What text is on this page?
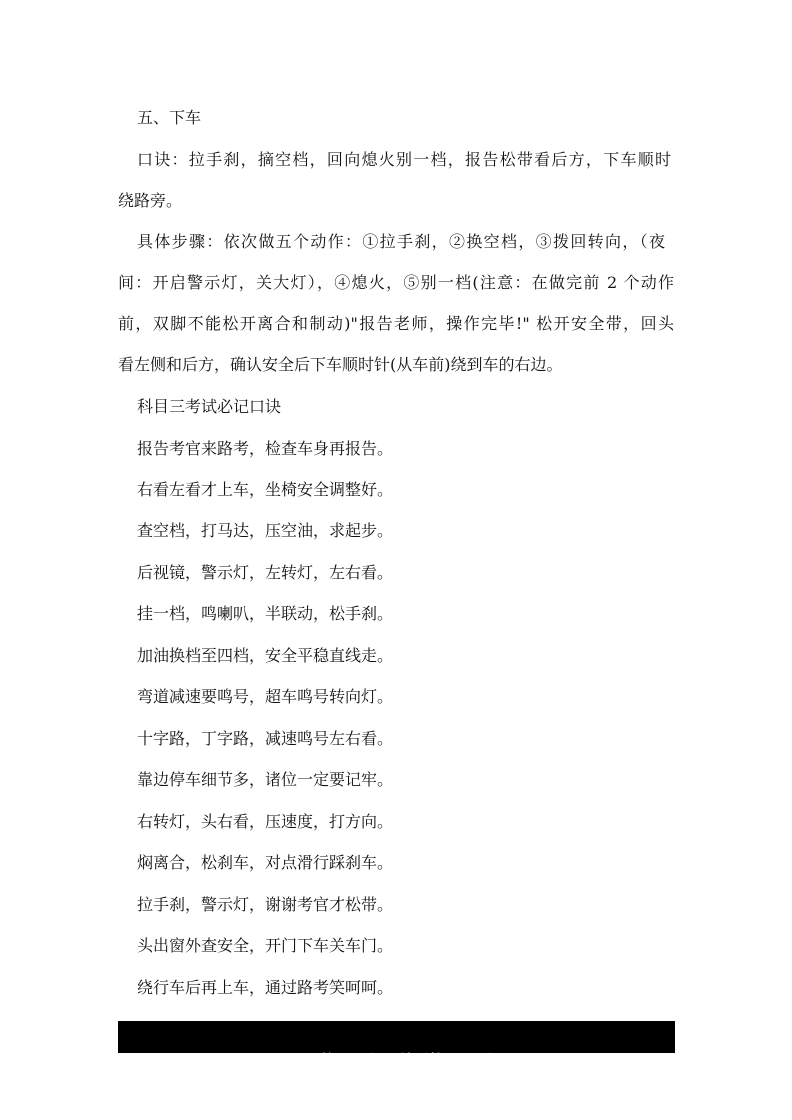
五、下车
口诀：拉手刹，摘空档，回向熄火别一档，报告松带看后方，下车顺时
绕路旁。
具体步骤：依次做五个动作：①拉手刹，②换空档，③拨回转向，（夜
间：开启警示灯，关大灯），④熄火，⑤别一档(注意：在做完前 2 个动作
前，双脚不能松开离合和制动)"报告老师，操作完毕!" 松开安全带，回头
看左侧和后方，确认安全后下车顺时针(从车前)绕到车的右边。
科目三考试必记口诀
报告考官来路考，检查车身再报告。
右看左看才上车，坐椅安全调整好。
查空档，打马达，压空油，求起步。
后视镜，警示灯，左转灯，左右看。
挂一档，鸣喇叭，半联动，松手刹。
加油换档至四档，安全平稳直线走。
弯道减速要鸣号，超车鸣号转向灯。
十字路，丁字路，减速鸣号左右看。
靠边停车细节多，诸位一定要记牢。
右转灯，头右看，压速度，打方向。
焖离合，松刹车，对点滑行踩刹车。
拉手刹，警示灯，谢谢考官才松带。
头出窗外查安全，开门下车关车门。
绕行车后再上车，通过路考笑呵呵。

第 3  页  /  总页数   6  页
